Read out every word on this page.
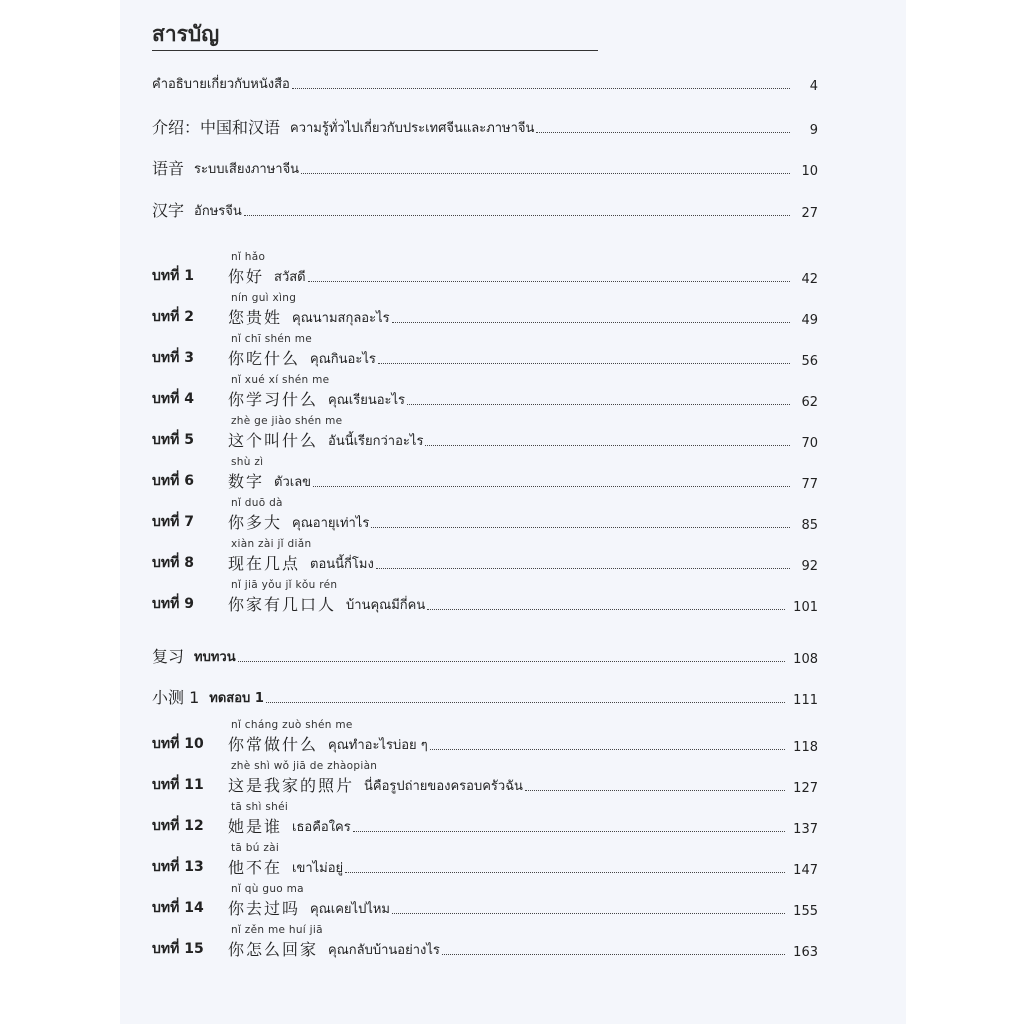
สารบัญ
คำอธิบายเกี่ยวกับหนังสือ	4
介绍：中国和汉语 ความรู้ทั่วไปเกี่ยวกับประเทศจีนและภาษาจีน	9
语音 ระบบเสียงภาษาจีน	10
汉字 อักษรจีน	27
nǐ hǎo
บทที่ 1	你好 สวัสดี	42
nín guì xìng
บทที่ 2	您贵姓 คุณนามสกุลอะไร	49
nǐ chī shén me
บทที่ 3	你吃什么 คุณกินอะไร	56
nǐ xué xí shén me
บทที่ 4	你学习什么 คุณเรียนอะไร	62
zhè ge jiào shén me
บทที่ 5	这个叫什么 อันนี้เรียกว่าอะไร	70
shù zì
บทที่ 6	数字 ตัวเลข	77
nǐ duō dà
บทที่ 7	你多大 คุณอายุเท่าไร	85
xiàn zài jǐ diǎn
บทที่ 8	现在几点 ตอนนี้กี่โมง	92
nǐ jiā yǒu jǐ kǒu rén
บทที่ 9	你家有几口人 บ้านคุณมีกี่คน	101
复习 ทบทวน	108
小测 1 ทดสอบ 1	111
nǐ cháng zuò shén me
บทที่ 10	你常做什么 คุณทำอะไรบ่อย ๆ	118
zhè shì wǒ jiā de zhàopiàn
บทที่ 11	这是我家的照片 นี่คือรูปถ่ายของครอบครัวฉัน	127
tā shì shéi
บทที่ 12	她是谁 เธอคือใคร	137
tā bú zài
บทที่ 13	他不在 เขาไม่อยู่	147
nǐ qù guo ma
บทที่ 14	你去过吗 คุณเคยไปไหม	155
nǐ zěn me huí jiā
บทที่ 15	你怎么回家 คุณกลับบ้านอย่างไร	163
